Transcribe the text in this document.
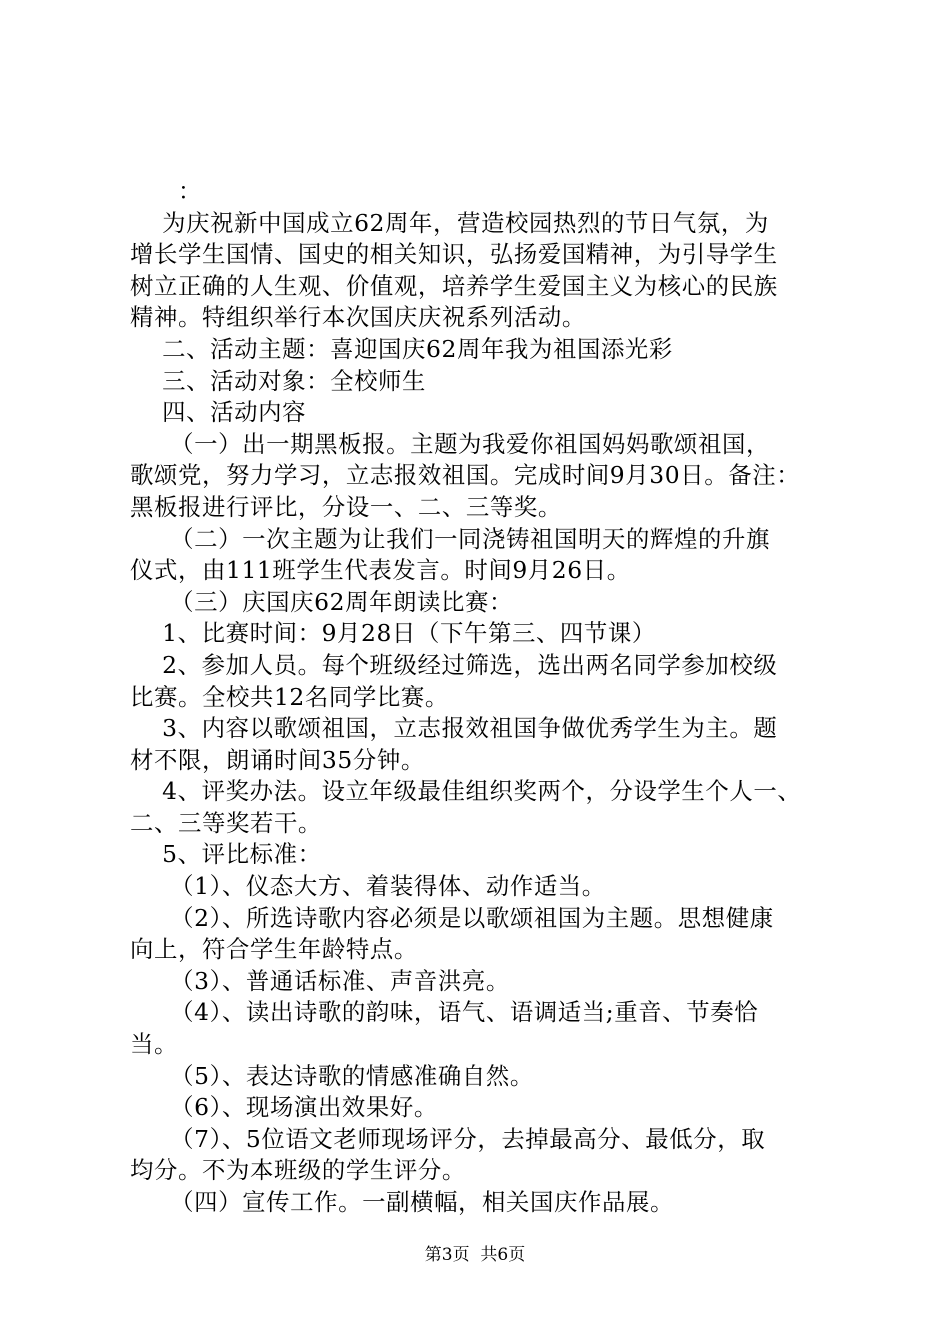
：
为庆祝新中国成立62周年，营造校园热烈的节日气氛，为
增长学生国情、国史的相关知识，弘扬爱国精神，为引导学生
树立正确的人生观、价值观，培养学生爱国主义为核心的民族
精神。特组织举行本次国庆庆祝系列活动。
二、活动主题：喜迎国庆62周年我为祖国添光彩
三、活动对象：全校师生
四、活动内容
（一）出一期黑板报。主题为我爱你祖国妈妈歌颂祖国，
歌颂党，努力学习，立志报效祖国。完成时间9月30日。备注：
黑板报进行评比，分设一、二、三等奖。
（二）一次主题为让我们一同浇铸祖国明天的辉煌的升旗
仪式，由111班学生代表发言。时间9月26日。
（三）庆国庆62周年朗读比赛：
1、比赛时间：9月28日（下午第三、四节课）
2、参加人员。每个班级经过筛选，选出两名同学参加校级
比赛。全校共12名同学比赛。
3、内容以歌颂祖国，立志报效祖国争做优秀学生为主。题
材不限，朗诵时间35分钟。
4、评奖办法。设立年级最佳组织奖两个，分设学生个人一、
二、三等奖若干。
5、评比标准：
（1）、仪态大方、着装得体、动作适当。
（2）、所选诗歌内容必须是以歌颂祖国为主题。思想健康
向上，符合学生年龄特点。
（3）、普通话标准、声音洪亮。
（4）、读出诗歌的韵味，语气、语调适当;重音、节奏恰
当。
（5）、表达诗歌的情感准确自然。
（6）、现场演出效果好。
（7）、5位语文老师现场评分，去掉最高分、最低分，取
均分。不为本班级的学生评分。
（四）宣传工作。一副横幅，相关国庆作品展。
第3页  共6页
